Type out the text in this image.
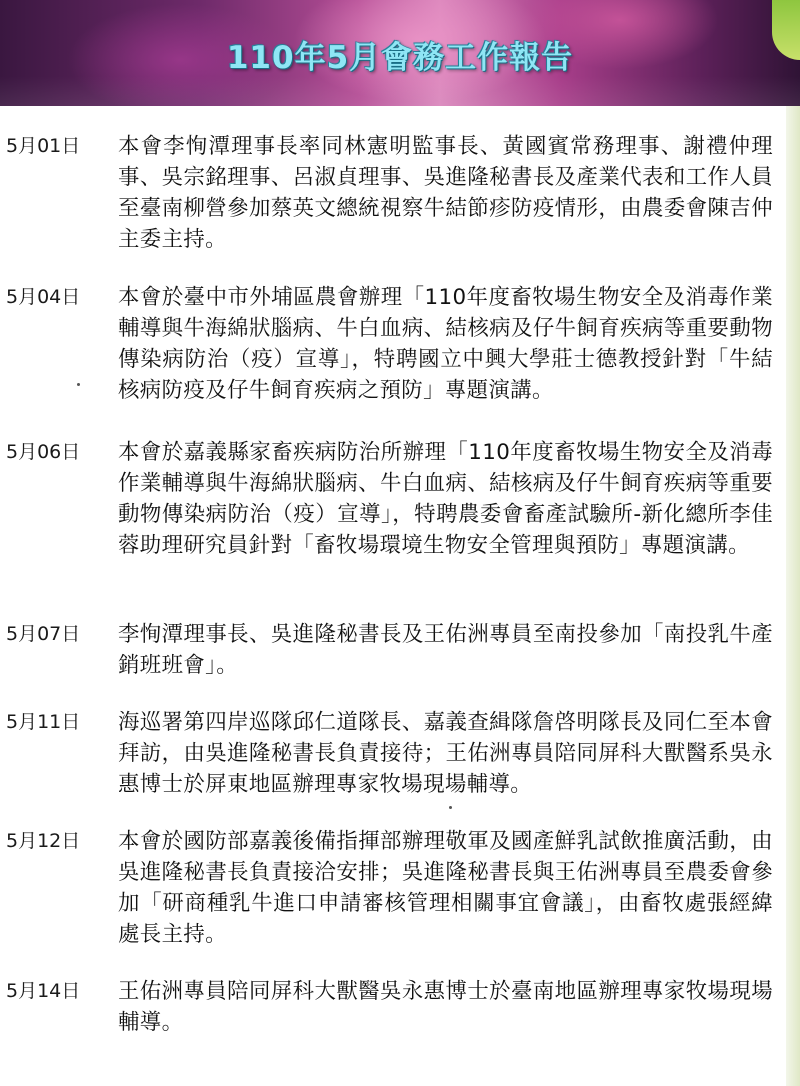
110年5月會務工作報告
5月01日	本會李恂潭理事長率同林憲明監事長、黃國賓常務理事、謝禮仲理事、吳宗銘理事、呂淑貞理事、吳進隆秘書長及產業代表和工作人員至臺南柳營參加蔡英文總統視察牛結節疹防疫情形，由農委會陳吉仲主委主持。
5月04日	本會於臺中市外埔區農會辦理「110年度畜牧場生物安全及消毒作業輔導與牛海綿狀腦病、牛白血病、結核病及仔牛飼育疾病等重要動物傳染病防治（疫）宣導」，特聘國立中興大學莊士德教授針對「牛結核病防疫及仔牛飼育疾病之預防」專題演講。
5月06日	本會於嘉義縣家畜疾病防治所辦理「110年度畜牧場生物安全及消毒作業輔導與牛海綿狀腦病、牛白血病、結核病及仔牛飼育疾病等重要動物傳染病防治（疫）宣導」，特聘農委會畜產試驗所-新化總所李佳蓉助理研究員針對「畜牧場環境生物安全管理與預防」專題演講。
5月07日	李恂潭理事長、吳進隆秘書長及王佑洲專員至南投參加「南投乳牛產銷班班會」。
5月11日	海巡署第四岸巡隊邱仁道隊長、嘉義查緝隊詹啓明隊長及同仁至本會拜訪，由吳進隆秘書長負責接待；王佑洲專員陪同屏科大獸醫系吳永惠博士於屏東地區辦理專家牧場現場輔導。
5月12日	本會於國防部嘉義後備指揮部辦理敬軍及國產鮮乳試飲推廣活動，由吳進隆秘書長負責接洽安排；吳進隆秘書長與王佑洲專員至農委會參加「研商種乳牛進口申請審核管理相關事宜會議」，由畜牧處張經緯處長主持。
5月14日	王佑洲專員陪同屏科大獸醫吳永惠博士於臺南地區辦理專家牧場現場輔導。
